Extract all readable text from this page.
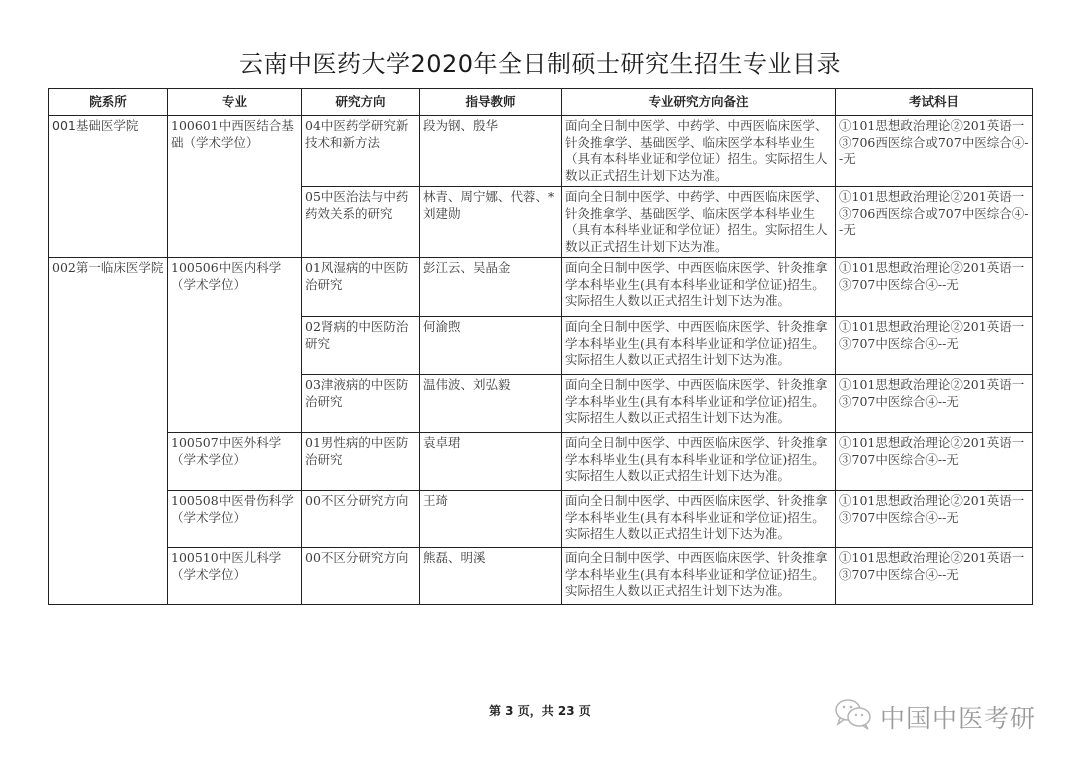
云南中医药大学2020年全日制硕士研究生招生专业目录
院系所	专业	研究方向	指导教师	专业研究方向备注	考试科目
001基础医学院	100601中西医结合基础（学术学位）	04中医药学研究新技术和新方法	段为钢、殷华	面向全日制中医学、中药学、中西医临床医学、针灸推拿学、基础医学、临床医学本科毕业生（具有本科毕业证和学位证）招生。实际招生人数以正式招生计划下达为准。	①101思想政治理论②201英语一③706西医综合或707中医综合④--无
		05中医治法与中药药效关系的研究	林青、周宁娜、代蓉、*刘建勋	面向全日制中医学、中药学、中西医临床医学、针灸推拿学、基础医学、临床医学本科毕业生（具有本科毕业证和学位证）招生。实际招生人数以正式招生计划下达为准。	①101思想政治理论②201英语一③706西医综合或707中医综合④--无
002第一临床医学院	100506中医内科学（学术学位）	01风湿病的中医防治研究	彭江云、吴晶金	面向全日制中医学、中西医临床医学、针灸推拿学本科毕业生(具有本科毕业证和学位证)招生。实际招生人数以正式招生计划下达为准。	①101思想政治理论②201英语一③707中医综合④--无
		02肾病的中医防治研究	何渝煦	面向全日制中医学、中西医临床医学、针灸推拿学本科毕业生(具有本科毕业证和学位证)招生。实际招生人数以正式招生计划下达为准。	①101思想政治理论②201英语一③707中医综合④--无
		03津液病的中医防治研究	温伟波、刘弘毅	面向全日制中医学、中西医临床医学、针灸推拿学本科毕业生(具有本科毕业证和学位证)招生。实际招生人数以正式招生计划下达为准。	①101思想政治理论②201英语一③707中医综合④--无
	100507中医外科学（学术学位）	01男性病的中医防治研究	袁卓珺	面向全日制中医学、中西医临床医学、针灸推拿学本科毕业生(具有本科毕业证和学位证)招生。实际招生人数以正式招生计划下达为准。	①101思想政治理论②201英语一③707中医综合④--无
	100508中医骨伤科学（学术学位）	00不区分研究方向	王琦	面向全日制中医学、中西医临床医学、针灸推拿学本科毕业生(具有本科毕业证和学位证)招生。实际招生人数以正式招生计划下达为准。	①101思想政治理论②201英语一③707中医综合④--无
	100510中医儿科学（学术学位）	00不区分研究方向	熊磊、明溪	面向全日制中医学、中西医临床医学、针灸推拿学本科毕业生(具有本科毕业证和学位证)招生。实际招生人数以正式招生计划下达为准。	①101思想政治理论②201英语一③707中医综合④--无
第 3 页，共 23 页	中国中医考研
